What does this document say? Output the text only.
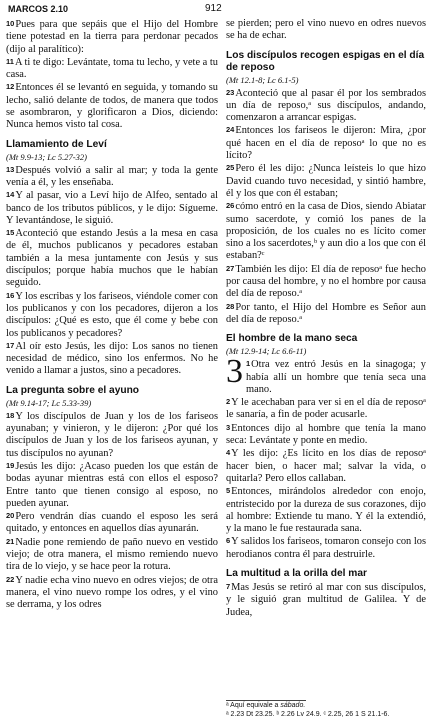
MARCOS 2.10	912

10Pues para que sepáis que el Hijo del Hombre tiene potestad en la tierra para perdonar pecados (dijo al paralítico):

11A ti te digo: Levántate, toma tu lecho, y vete a tu casa.

12Entonces él se levantó en seguida, y tomando su lecho, salió delante de todos, de manera que todos se asombraron, y glorificaron a Dios, diciendo: Nunca hemos visto tal cosa.

Llamamiento de Leví

(Mt 9.9-13; Lc 5.27-32)

13Después volvió a salir al mar; y toda la gente venía a él, y les enseñaba.

14Y al pasar, vio a Leví hijo de Alfeo, sentado al banco de los tributos públicos, y le dijo: Sígueme. Y levantándose, le siguió.

15Aconteció que estando Jesús a la mesa en casa de él, muchos publicanos y pecadores estaban también a la mesa juntamente con Jesús y sus discípulos; porque había muchos que le habían seguido.

16Y los escribas y los fariseos, viéndole comer con los publicanos y con los pecadores, dijeron a los discípulos: ¿Qué es esto, que él come y bebe con los publicanos y pecadores?

17Al oír esto Jesús, les dijo: Los sanos no tienen necesidad de médico, sino los enfermos. No he venido a llamar a justos, sino a pecadores.

La pregunta sobre el ayuno

(Mt 9.14-17; Lc 5.33-39)

18Y los discípulos de Juan y los de los fariseos ayunaban; y vinieron, y le dijeron: ¿Por qué los discípulos de Juan y los de los fariseos ayunan, y tus discípulos no ayunan?

19Jesús les dijo: ¿Acaso pueden los que están de bodas ayunar mientras está con ellos el esposo? Entre tanto que tienen consigo al esposo, no pueden ayunar.

20Pero vendrán días cuando el esposo les será quitado, y entonces en aquellos días ayunarán.

21Nadie pone remiendo de paño nuevo en vestido viejo; de otra manera, el mismo remiendo nuevo tira de lo viejo, y se hace peor la rotura.

22Y nadie echa vino nuevo en odres viejos; de otra manera, el vino nuevo rompe los odres, y el vino se derrama, y los odres

se pierden; pero el vino nuevo en odres nuevos se ha de echar.

Los discípulos recogen espigas en el día de reposo

(Mt 12.1-8; Lc 6.1-5)

23Aconteció que al pasar él por los sembrados un día de reposo,ᵃ sus discípulos, andando, comenzaron a arrancar espigas.

24Entonces los fariseos le dijeron: Mira, ¿por qué hacen en el día de reposoᵃ lo que no es lícito?

25Pero él les dijo: ¿Nunca leísteis lo que hizo David cuando tuvo necesidad, y sintió hambre, él y los que con él estaban;

26cómo entró en la casa de Dios, siendo Abiatar sumo sacerdote, y comió los panes de la proposición, de los cuales no es lícito comer sino a los sacerdotes,ᵇ y aun dio a los que con él estaban?ᶜ

27También les dijo: El día de reposoᵃ fue hecho por causa del hombre, y no el hombre por causa del día de reposo.ᵃ

28Por tanto, el Hijo del Hombre es Señor aun del día de reposo.ᵃ

El hombre de la mano seca

(Mt 12.9-14; Lc 6.6-11)

3 1Otra vez entró Jesús en la sinagoga; y había allí un hombre que tenía seca una mano.

2Y le acechaban para ver si en el día de reposoᵃ le sanaría, a fin de poder acusarle.

3Entonces dijo al hombre que tenía la mano seca: Levántate y ponte en medio.

4Y les dijo: ¿Es lícito en los días de reposoᵃ hacer bien, o hacer mal; salvar la vida, o quitarla? Pero ellos callaban.

5Entonces, mirándolos alrededor con enojo, entristecido por la dureza de sus corazones, dijo al hombre: Extiende tu mano. Y él la extendió, y la mano le fue restaurada sana.

6Y salidos los fariseos, tomaron consejo con los herodianos contra él para destruirle.

La multitud a la orilla del mar

7Mas Jesús se retiró al mar con sus discípulos, y le siguió gran multitud de Galilea. Y de Judea,

ᵃ Aquí equivale a sábado.
ᵃ 2.23 Dt 23.25. ᵇ 2.26 Lv 24.9. ᶜ 2.25, 26 1 S 21.1-6.
